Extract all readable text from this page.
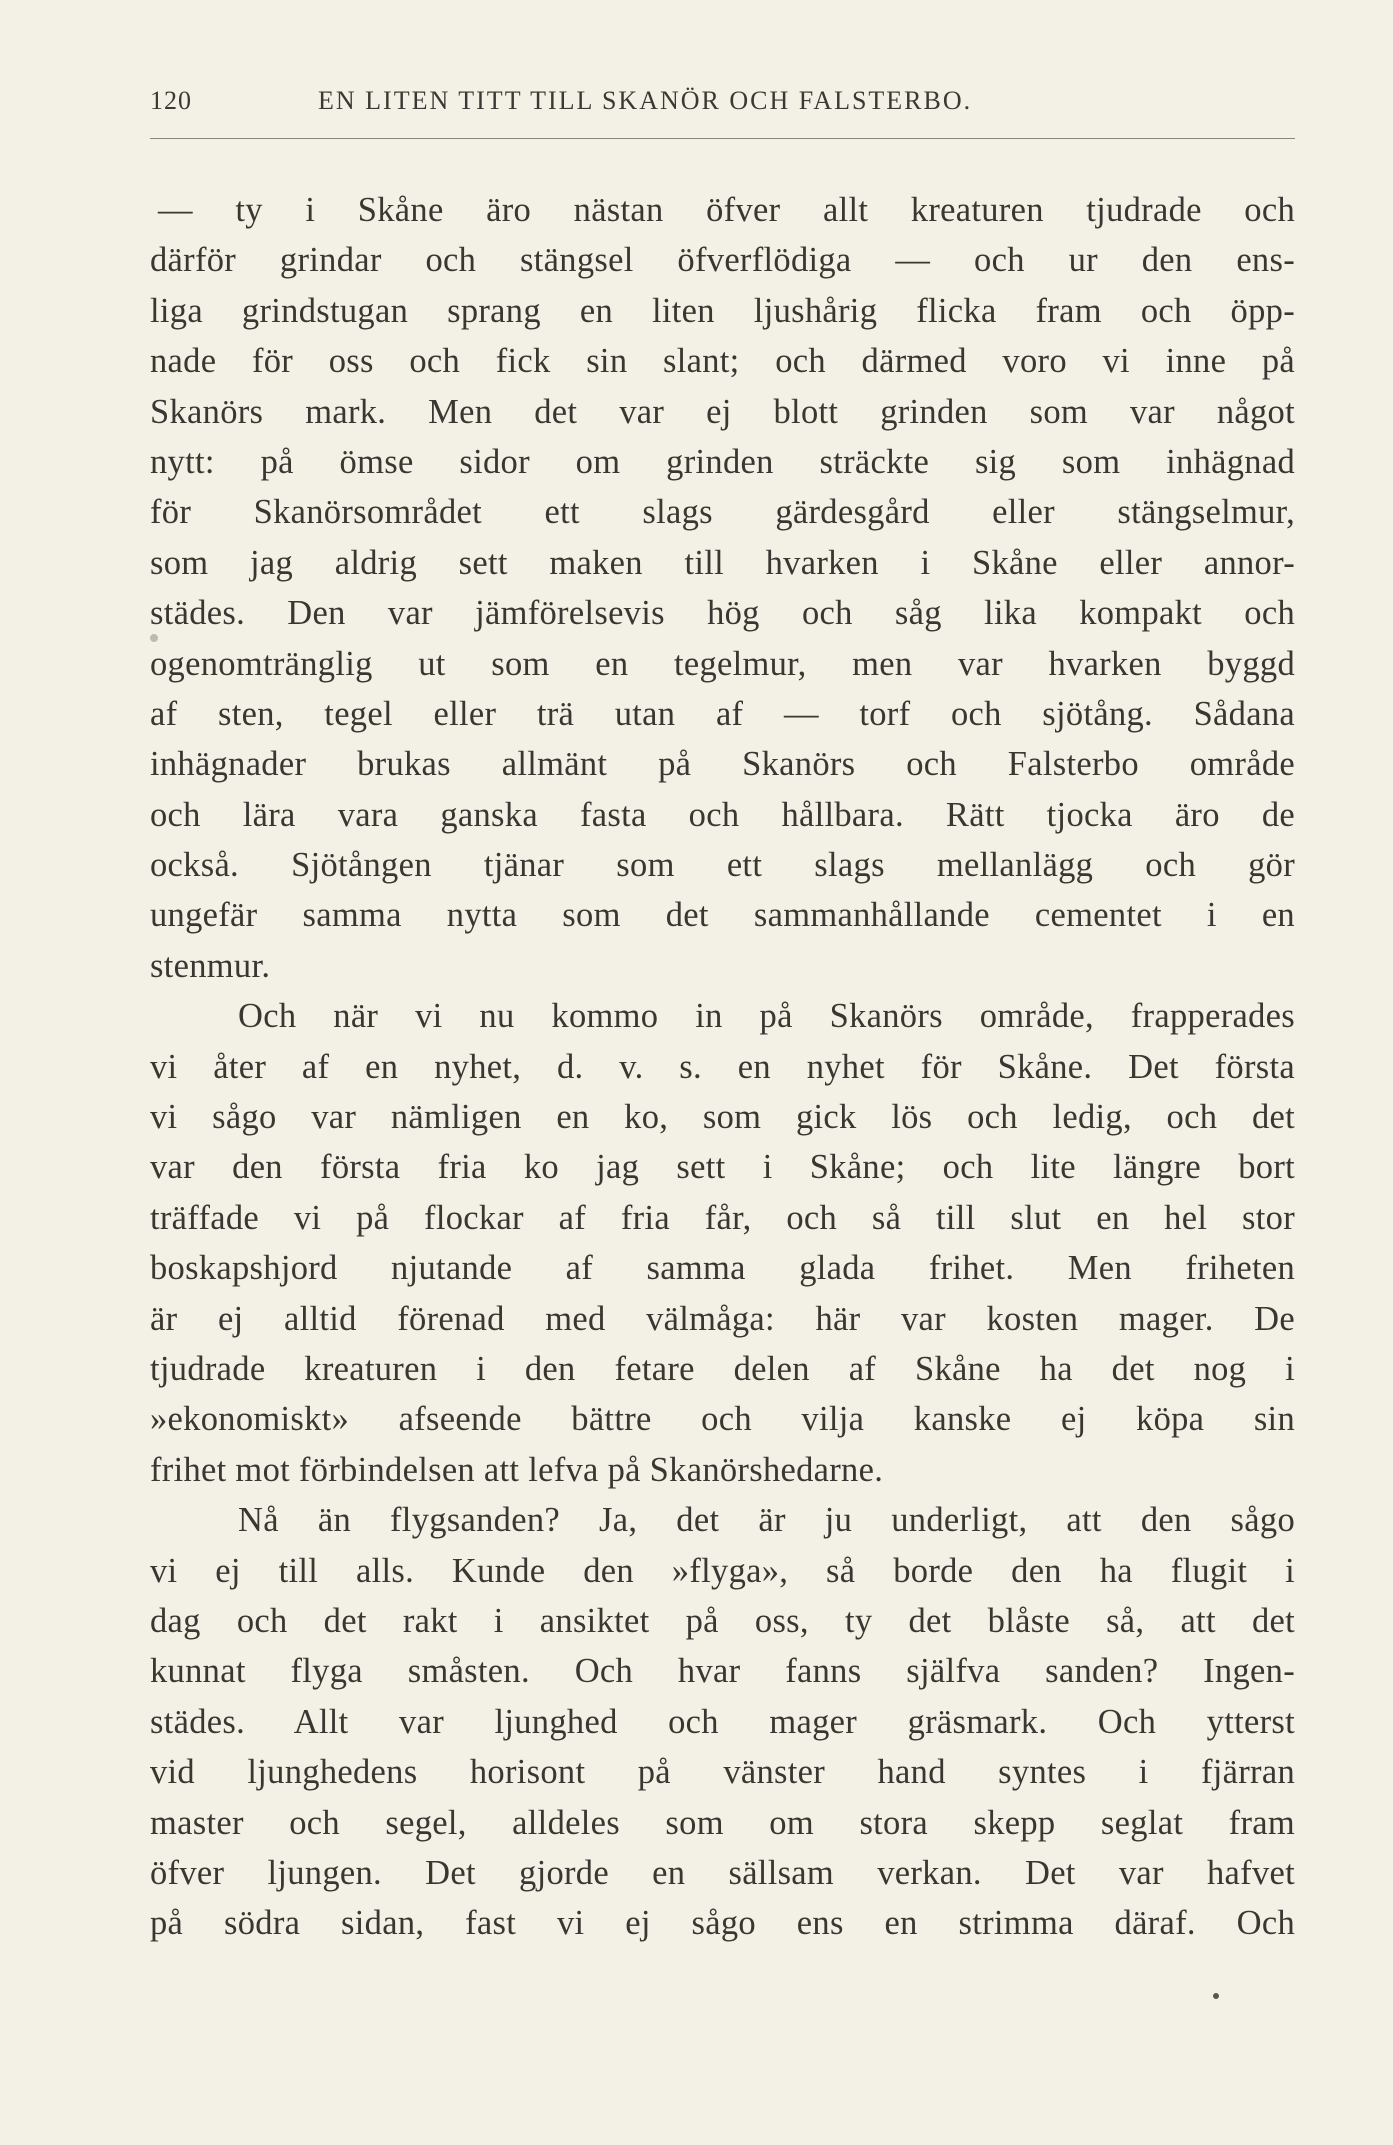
120	EN LITEN TITT TILL SKANÖR OCH FALSTERBO.
— ty i Skåne äro nästan öfver allt kreaturen tjudrade och
därför grindar och stängsel öfverflödiga — och ur den ens-
liga grindstugan sprang en liten ljushårig flicka fram och öpp-
nade för oss och fick sin slant; och därmed voro vi inne på
Skanörs mark. Men det var ej blott grinden som var något
nytt: på ömse sidor om grinden sträckte sig som inhägnad
för Skanörsområdet ett slags gärdesgård eller stängselmur,
som jag aldrig sett maken till hvarken i Skåne eller annor-
städes. Den var jämförelsevis hög och såg lika kompakt och
ogenomtränglig ut som en tegelmur, men var hvarken byggd
af sten, tegel eller trä utan af — torf och sjötång. Sådana
inhägnader brukas allmänt på Skanörs och Falsterbo område
och lära vara ganska fasta och hållbara. Rätt tjocka äro de
också. Sjötången tjänar som ett slags mellanlägg och gör
ungefär samma nytta som det sammanhållande cementet i en
stenmur.
Och när vi nu kommo in på Skanörs område, frapperades
vi åter af en nyhet, d. v. s. en nyhet för Skåne. Det första
vi sågo var nämligen en ko, som gick lös och ledig, och det
var den första fria ko jag sett i Skåne; och lite längre bort
träffade vi på flockar af fria får, och så till slut en hel stor
boskapshjord njutande af samma glada frihet. Men friheten
är ej alltid förenad med välmåga: här var kosten mager. De
tjudrade kreaturen i den fetare delen af Skåne ha det nog i
»ekonomiskt» afseende bättre och vilja kanske ej köpa sin
frihet mot förbindelsen att lefva på Skanörshedarne.
Nå än flygsanden? Ja, det är ju underligt, att den sågo
vi ej till alls. Kunde den »flyga», så borde den ha flugit i
dag och det rakt i ansiktet på oss, ty det blåste så, att det
kunnat flyga småsten. Och hvar fanns själfva sanden? Ingen-
städes. Allt var ljunghed och mager gräsmark. Och ytterst
vid ljunghedens horisont på vänster hand syntes i fjärran
master och segel, alldeles som om stora skepp seglat fram
öfver ljungen. Det gjorde en sällsam verkan. Det var hafvet
på södra sidan, fast vi ej sågo ens en strimma däraf. Och
